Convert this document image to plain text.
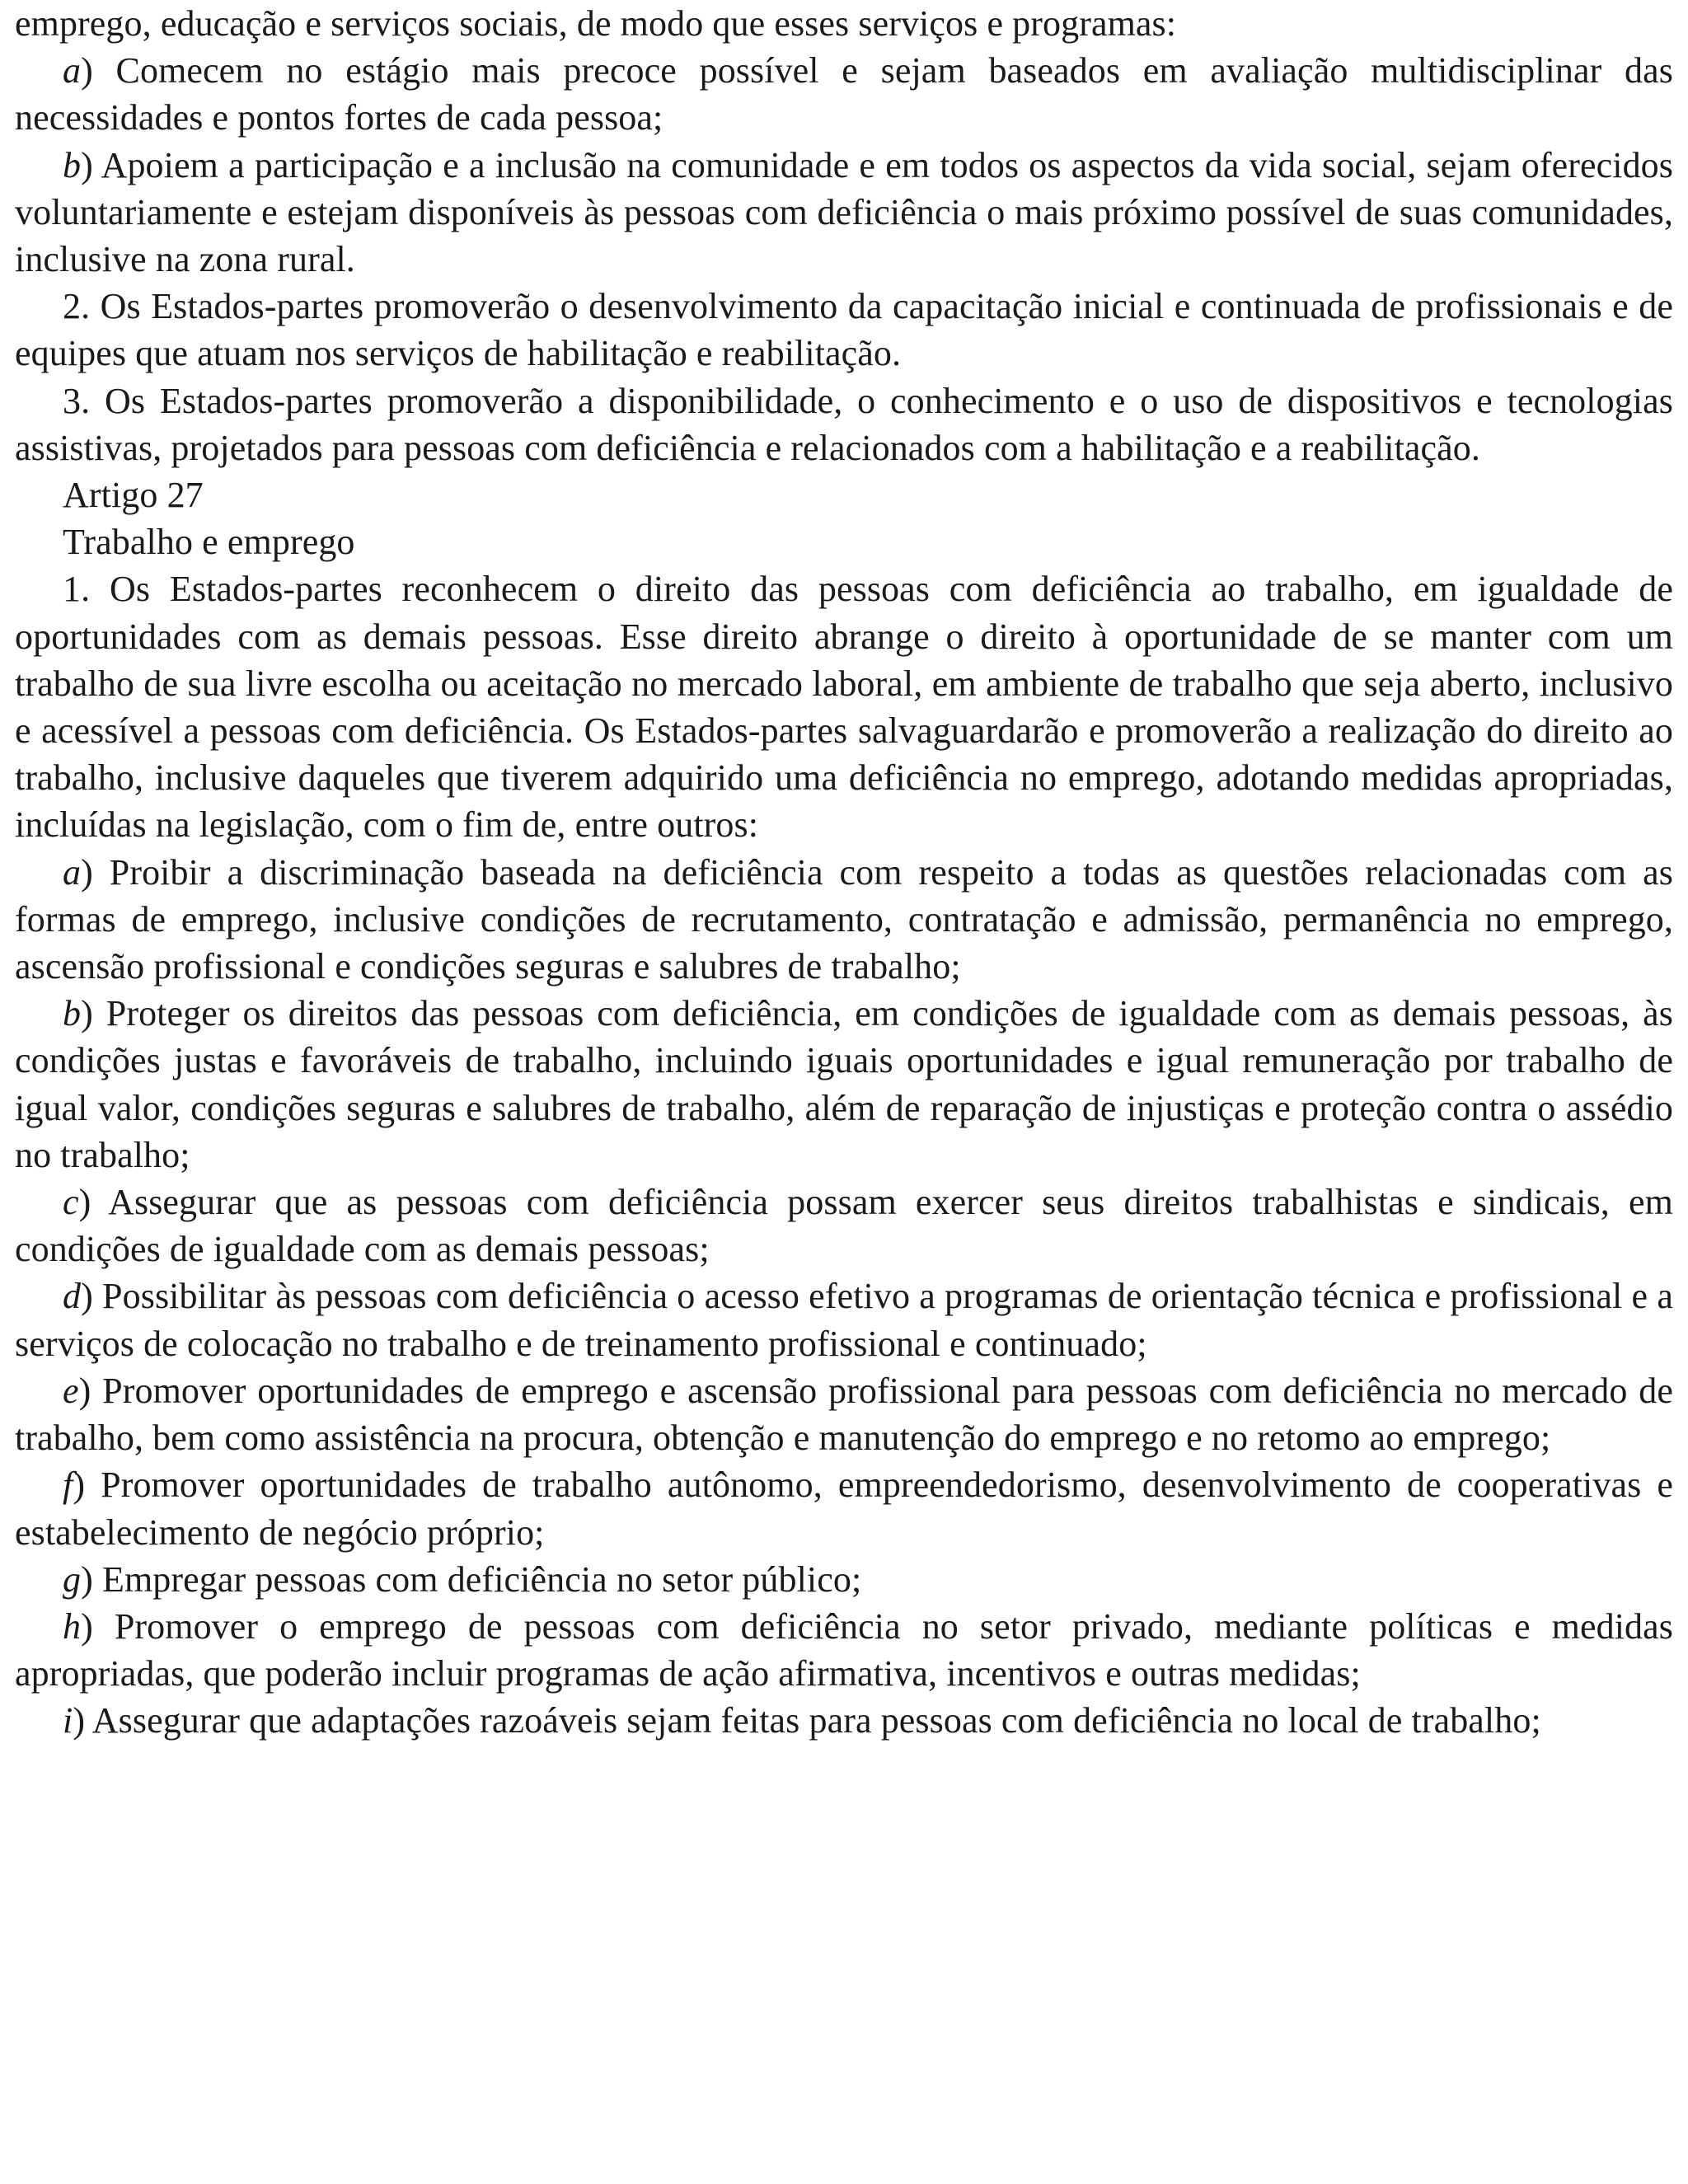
emprego, educação e serviços sociais, de modo que esses serviços e programas:

a) Comecem no estágio mais precoce possível e sejam baseados em avaliação multidisciplinar das necessidades e pontos fortes de cada pessoa;

b) Apoiem a participação e a inclusão na comunidade e em todos os aspectos da vida social, sejam oferecidos voluntariamente e estejam disponíveis às pessoas com deficiência o mais próximo possível de suas comunidades, inclusive na zona rural.

2. Os Estados-partes promoverão o desenvolvimento da capacitação inicial e continuada de profissionais e de equipes que atuam nos serviços de habilitação e reabilitação.

3. Os Estados-partes promoverão a disponibilidade, o conhecimento e o uso de dispositivos e tecnologias assistivas, projetados para pessoas com deficiência e relacionados com a habilitação e a reabilitação.

Artigo 27

Trabalho e emprego

1. Os Estados-partes reconhecem o direito das pessoas com deficiência ao trabalho, em igualdade de oportunidades com as demais pessoas. Esse direito abrange o direito à oportunidade de se manter com um trabalho de sua livre escolha ou aceitação no mercado laboral, em ambiente de trabalho que seja aberto, inclusivo e acessível a pessoas com deficiência. Os Estados-partes salvaguardarão e promoverão a realização do direito ao trabalho, inclusive daqueles que tiverem adquirido uma deficiência no emprego, adotando medidas apropriadas, incluídas na legislação, com o fim de, entre outros:

a) Proibir a discriminação baseada na deficiência com respeito a todas as questões relacionadas com as formas de emprego, inclusive condições de recrutamento, contratação e admissão, permanência no emprego, ascensão profissional e condições seguras e salubres de trabalho;

b) Proteger os direitos das pessoas com deficiência, em condições de igualdade com as demais pessoas, às condições justas e favoráveis de trabalho, incluindo iguais oportunidades e igual remuneração por trabalho de igual valor, condições seguras e salubres de trabalho, além de reparação de injustiças e proteção contra o assédio no trabalho;

c) Assegurar que as pessoas com deficiência possam exercer seus direitos trabalhistas e sindicais, em condições de igualdade com as demais pessoas;

d) Possibilitar às pessoas com deficiência o acesso efetivo a programas de orientação técnica e profissional e a serviços de colocação no trabalho e de treinamento profissional e continuado;

e) Promover oportunidades de emprego e ascensão profissional para pessoas com deficiência no mercado de trabalho, bem como assistência na procura, obtenção e manutenção do emprego e no retomo ao emprego;

f) Promover oportunidades de trabalho autônomo, empreendedorismo, desenvolvimento de cooperativas e estabelecimento de negócio próprio;

g) Empregar pessoas com deficiência no setor público;

h) Promover o emprego de pessoas com deficiência no setor privado, mediante políticas e medidas apropriadas, que poderão incluir programas de ação afirmativa, incentivos e outras medidas;

i) Assegurar que adaptações razoáveis sejam feitas para pessoas com deficiência no local de trabalho;
